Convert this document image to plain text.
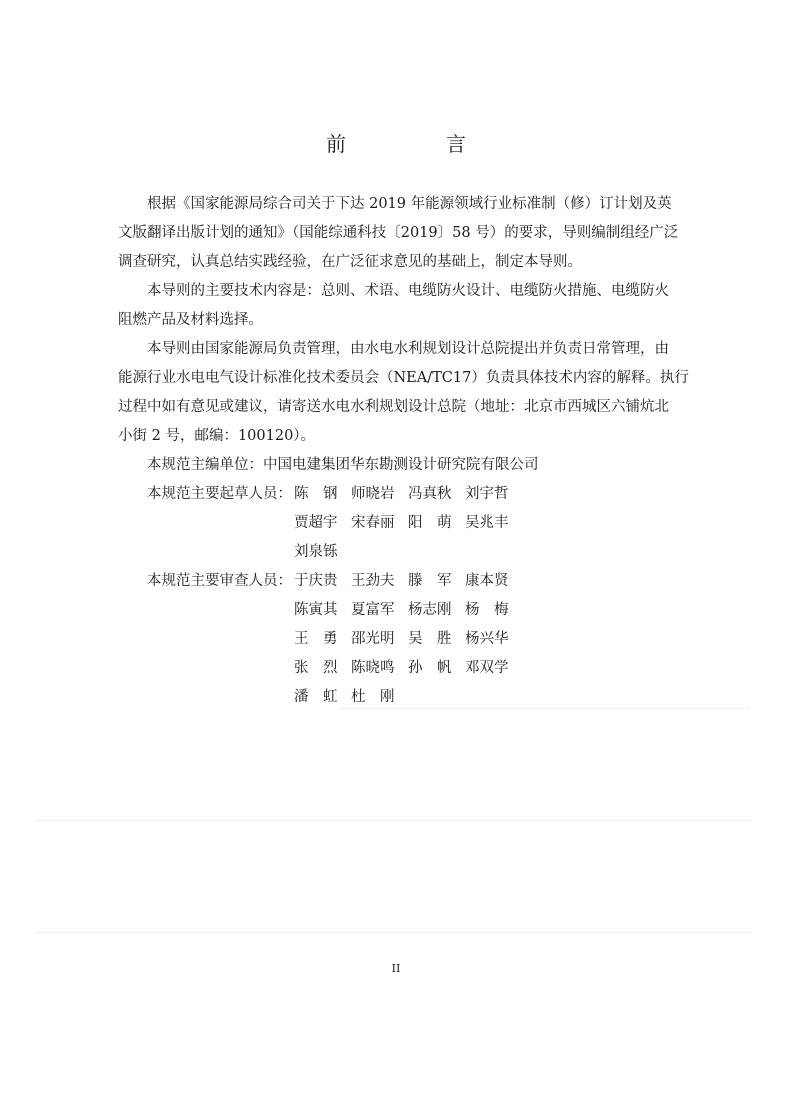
前　言

根据《国家能源局综合司关于下达 2019 年能源领域行业标准制（修）订计划及英
文版翻译出版计划的通知》（国能综通科技〔2019〕58 号）的要求，导则编制组经广泛
调查研究，认真总结实践经验，在广泛征求意见的基础上，制定本导则。

本导则的主要技术内容是：总则、术语、电缆防火设计、电缆防火措施、电缆防火
阻燃产品及材料选择。

本导则由国家能源局负责管理，由水电水利规划设计总院提出并负责日常管理，由
能源行业水电电气设计标准化技术委员会（NEA/TC17）负责具体技术内容的解释。执行
过程中如有意见或建议，请寄送水电水利规划设计总院（地址：北京市西城区六铺炕北
小街 2 号，邮编：100120）。

本规范主编单位：中国电建集团华东勘测设计研究院有限公司
本规范主要起草人员： 陈　钢 师晓岩 冯真秋 刘宇哲
贾超宇 宋春丽 阳　萌 吴兆丰
刘泉铄
本规范主要审查人员： 于庆贵 王劲夫 滕　军 康本贤
陈寅其 夏富军 杨志刚 杨　梅
王　勇 邵光明 吴　胜 杨兴华
张　烈 陈晓鸣 孙　帆 邓双学
潘　虹 杜　刚
II
